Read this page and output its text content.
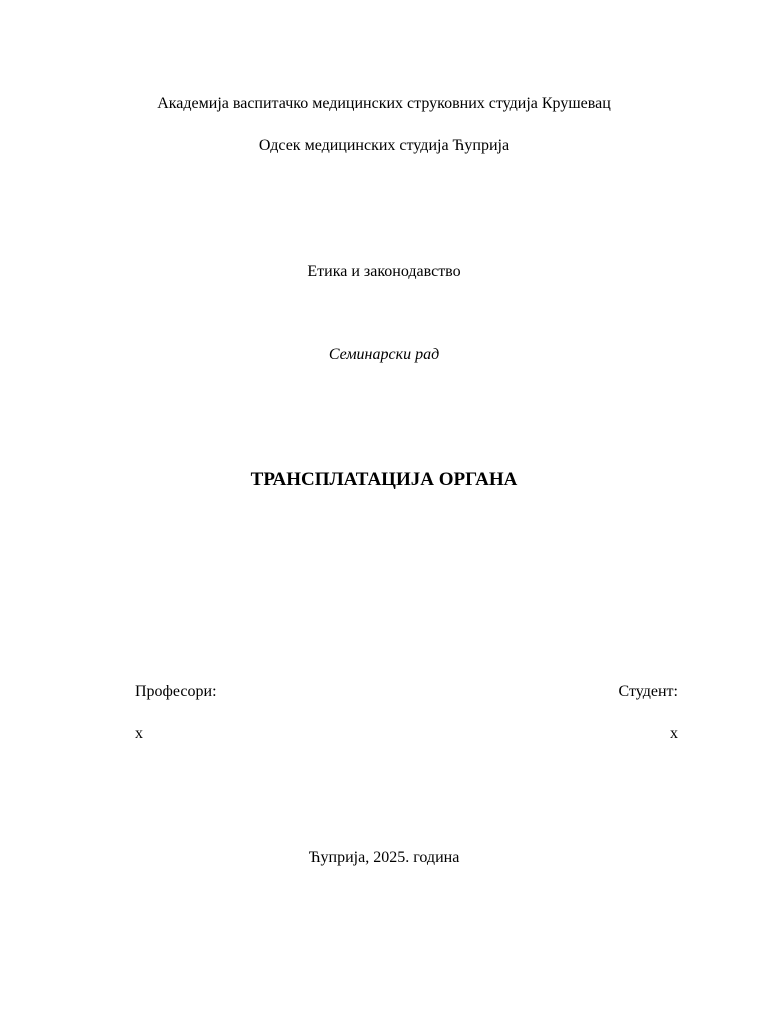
Академија васпитачко медицинских струковних студија Крушевац
Одсек медицинских студија Ћуприја
Етика и законодавство
Семинарски рад
ТРАНСПЛАТАЦИЈА ОРГАНА
Професори:
x
Студент:
x
Ћуприја, 2025. година
